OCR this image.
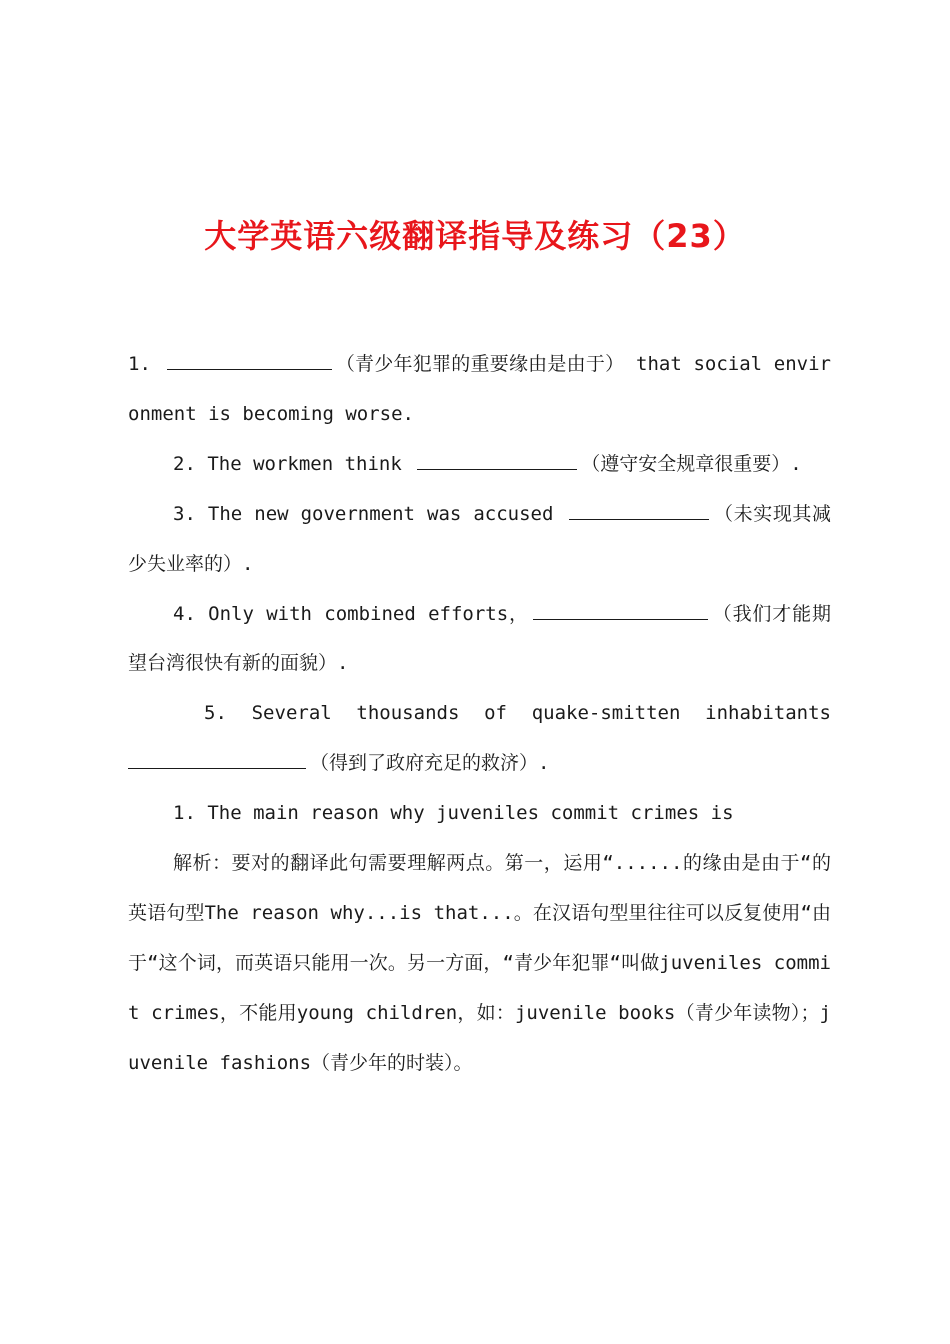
大学英语六级翻译指导及练习（23）

1.	（青少年犯罪的重要缘由是由于） that social environment is becoming worse.

2. The workmen think	（遵守安全规章很重要）.

3. The new government was accused	（未实现其减少失业率的）.

4. Only with combined efforts，	（我们才能期望台湾很快有新的面貌）.

5. Several thousands of quake-smitten inhabitants

（得到了政府充足的救济）.

1. The main reason why juveniles commit crimes is

解析：要对的翻译此句需要理解两点。第一，运用“......的缘由是由于“的英语句型The reason why...is that...。在汉语句型里往往可以反复使用“由于“这个词，而英语只能用一次。另一方面，“青少年犯罪“叫做juveniles commit crimes，不能用young children，如：juvenile books（青少年读物）；juvenile fashions（青少年的时装）。
